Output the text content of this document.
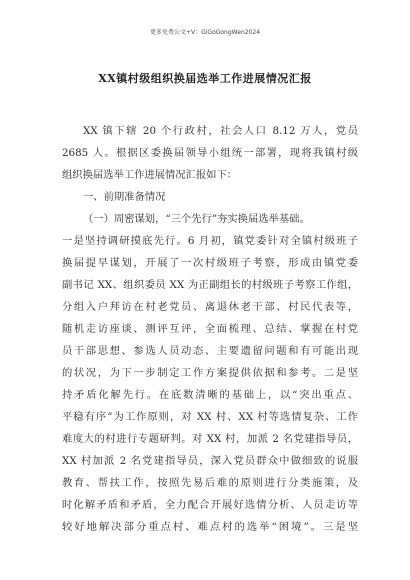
更多免费公文+V：GiGoGongWen2024
XX镇村级组织换届选举工作进展情况汇报
XX 镇下辖 20 个行政村，社会人口 8.12 万人，党员
2685 人。根据区委换届领导小组统一部署，现将我镇村级
组织换届选举工作进展情况汇报如下：
一、前期准备情况
（一）周密谋划，“三个先行”夯实换届选举基础。
一是坚持调研摸底先行。6 月初，镇党委针对全镇村级班子
换届提早谋划，开展了一次村级班子考察，形成由镇党委
副书记 XX、组织委员 XX 为正副组长的村级班子考察工作组，
分组入户拜访在村老党员、离退休老干部、村民代表等，
随机走访座谈、测评互评，全面梳理、总结、掌握在村党
员干部思想、参选人员动态、主要遗留问题和有可能出现
的状况，为下一步制定工作方案提供依据和参考。二是坚
持矛盾化解先行。在底数清晰的基础上，以“突出重点、
平稳有序”为工作原则，对 XX 村、XX 村等选情复杂、工作
难度大的村进行专题研判。对 XX 村，加派 2 名党建指导员，
XX 村加派 2 名党建指导员，深入党员群众中做细致的说服
教育、帮扶工作，按照先易后难的原则进行分类施策，及
时化解矛盾和矛盾，全力配合开展好选情分析、人员走访等
较好地解决部分重点村、难点村的选举“困境”。三是坚
